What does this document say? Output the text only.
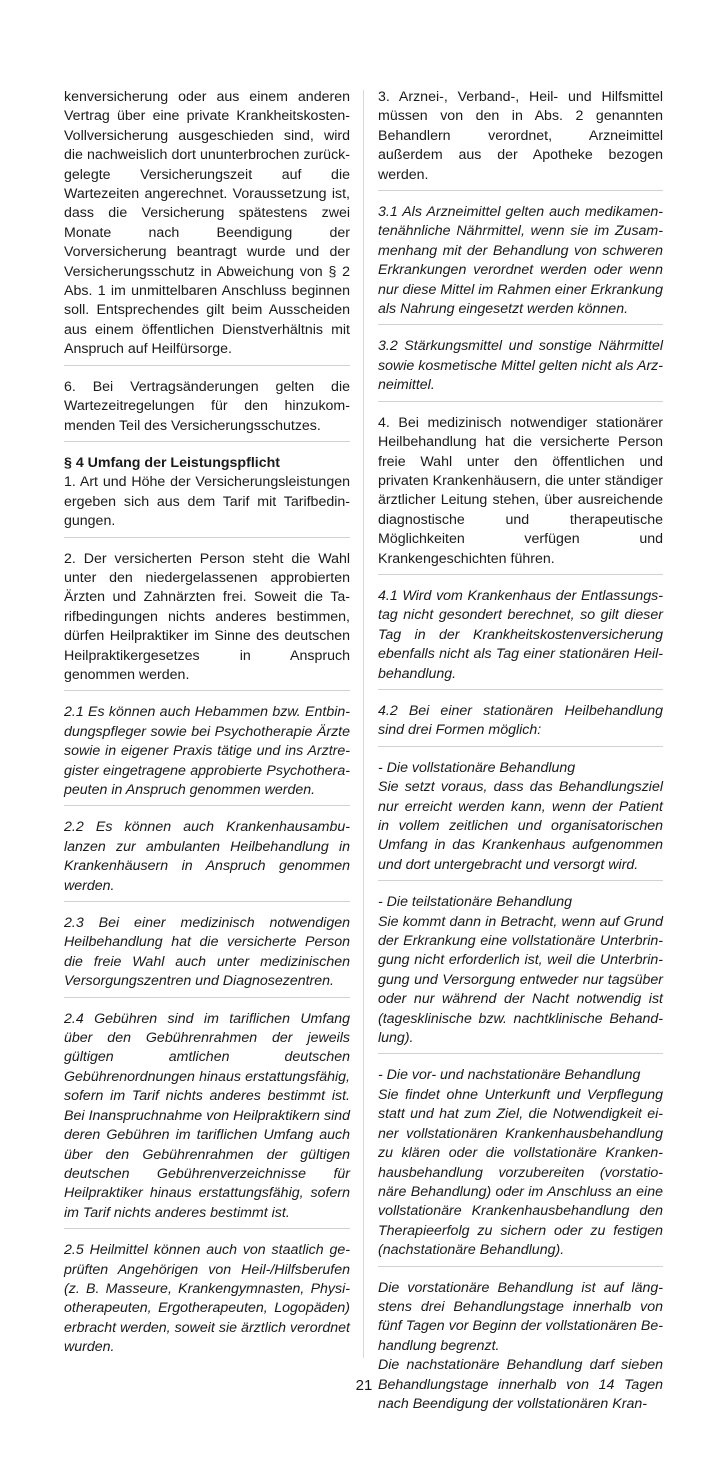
kenversicherung oder aus einem anderen Vertrag über eine private Krankheitskosten-Vollversicherung ausgeschieden sind, wird die nachweislich dort ununterbrochen zurückgelegte Versicherungszeit auf die Wartezeiten angerechnet. Voraussetzung ist, dass die Versicherung spätestens zwei Monate nach Beendigung der Vorversicherung beantragt wurde und der Versicherungsschutz in Abweichung von § 2 Abs. 1 im unmittelbaren Anschluss beginnen soll. Entsprechendes gilt beim Ausscheiden aus einem öffentlichen Dienstverhältnis mit Anspruch auf Heilfürsorge.

6. Bei Vertragsänderungen gelten die Wartezeitregelungen für den hinzukommenden Teil des Versicherungsschutzes.

§ 4 Umfang der Leistungspflicht
1. Art und Höhe der Versicherungsleistungen ergeben sich aus dem Tarif mit Tarifbedingungen.

2. Der versicherten Person steht die Wahl unter den niedergelassenen approbierten Ärzten und Zahnärzten frei. Soweit die Tarifbedingungen nichts anderes bestimmen, dürfen Heilpraktiker im Sinne des deutschen Heilpraktikergesetzes in Anspruch genommen werden.

2.1 Es können auch Hebammen bzw. Entbindungspfleger sowie bei Psychotherapie Ärzte sowie in eigener Praxis tätige und ins Arztregister eingetragene approbierte Psychotherapeuten in Anspruch genommen werden.

2.2 Es können auch Krankenhausambulanzen zur ambulanten Heilbehandlung in Krankenhäusern in Anspruch genommen werden.

2.3 Bei einer medizinisch notwendigen Heilbehandlung hat die versicherte Person die freie Wahl auch unter medizinischen Versorgungszentren und Diagnosezentren.

2.4 Gebühren sind im tariflichen Umfang über den Gebührenrahmen der jeweils gültigen amtlichen deutschen Gebührenordnungen hinaus erstattungsfähig, sofern im Tarif nichts anderes bestimmt ist. Bei Inanspruchnahme von Heilpraktikern sind deren Gebühren im tariflichen Umfang auch über den Gebührenrahmen der gültigen deutschen Gebührenverzeichnisse für Heilpraktiker hinaus erstattungsfähig, sofern im Tarif nichts anderes bestimmt ist.

2.5 Heilmittel können auch von staatlich geprüften Angehörigen von Heil-/Hilfsberufen (z. B. Masseure, Krankengymnasten, Physiotherapeuten, Ergotherapeuten, Logopäden) erbracht werden, soweit sie ärztlich verordnet wurden.

3. Arznei-, Verband-, Heil- und Hilfsmittel müssen von den in Abs. 2 genannten Behandlern verordnet, Arzneimittel außerdem aus der Apotheke bezogen werden.

3.1 Als Arzneimittel gelten auch medikamentenähnliche Nährmittel, wenn sie im Zusammenhang mit der Behandlung von schweren Erkrankungen verordnet werden oder wenn nur diese Mittel im Rahmen einer Erkrankung als Nahrung eingesetzt werden können.

3.2 Stärkungsmittel und sonstige Nährmittel sowie kosmetische Mittel gelten nicht als Arzneimittel.

4. Bei medizinisch notwendiger stationärer Heilbehandlung hat die versicherte Person freie Wahl unter den öffentlichen und privaten Krankenhäusern, die unter ständiger ärztlicher Leitung stehen, über ausreichende diagnostische und therapeutische Möglichkeiten verfügen und Krankengeschichten führen.

4.1 Wird vom Krankenhaus der Entlassungstag nicht gesondert berechnet, so gilt dieser Tag in der Krankheitskostenversicherung ebenfalls nicht als Tag einer stationären Heilbehandlung.

4.2 Bei einer stationären Heilbehandlung sind drei Formen möglich:

- Die vollstationäre Behandlung
Sie setzt voraus, dass das Behandlungsziel nur erreicht werden kann, wenn der Patient in vollem zeitlichen und organisatorischen Umfang in das Krankenhaus aufgenommen und dort untergebracht und versorgt wird.
- Die teilstationäre Behandlung
Sie kommt dann in Betracht, wenn auf Grund der Erkrankung eine vollstationäre Unterbringung nicht erforderlich ist, weil die Unterbringung und Versorgung entweder nur tagsüber oder nur während der Nacht notwendig ist (tagesklinische bzw. nachtklinische Behandlung).
- Die vor- und nachstationäre Behandlung
Sie findet ohne Unterkunft und Verpflegung statt und hat zum Ziel, die Notwendigkeit einer vollstationären Krankenhausbehandlung zu klären oder die vollstationäre Krankenhausbehandlung vorzubereiten (vorstationäre Behandlung) oder im Anschluss an eine vollstationäre Krankenhausbehandlung den Therapieerfolg zu sichern oder zu festigen (nachstationäre Behandlung).

Die vorstationäre Behandlung ist auf längstens drei Behandlungstage innerhalb von fünf Tagen vor Beginn der vollstationären Behandlung begrenzt.

Die nachstationäre Behandlung darf sieben Behandlungstage innerhalb von 14 Tagen nach Beendigung der vollstationären Kran-

21
